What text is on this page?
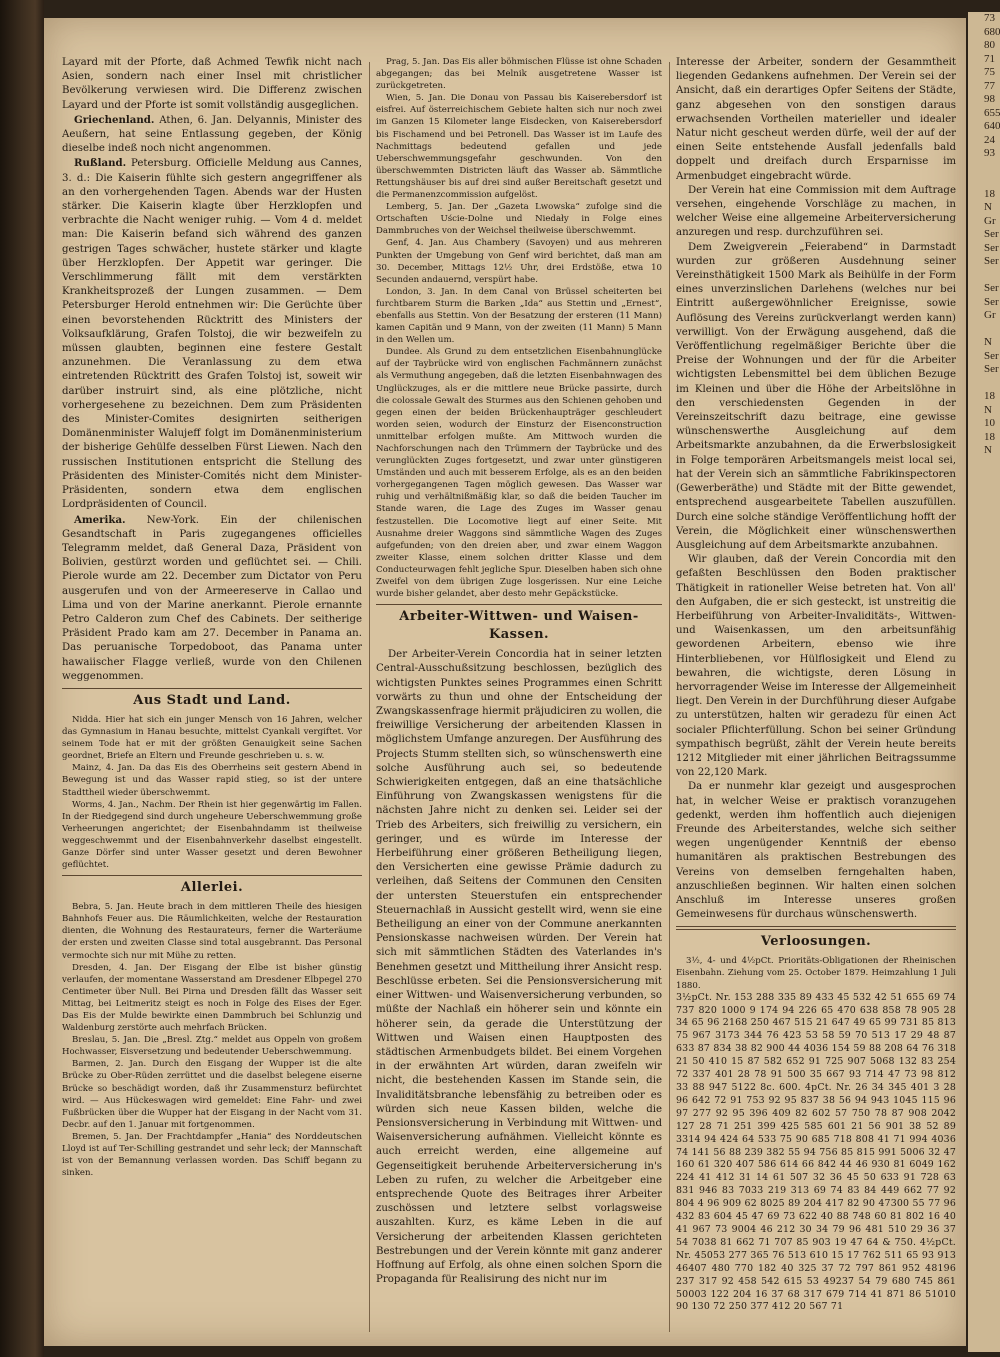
Layard mit der Pforte, daß Achmed Tewfik nicht nach Asien, sondern nach einer Insel mit christlicher Bevölkerung verwiesen wird. Die Differenz zwischen Layard und der Pforte ist somit vollständig ausgeglichen.

Griechenland. Athen, 6. Jan. Delyannis, Minister des Aeußern, hat seine Entlassung gegeben, der König dieselbe indeß noch nicht angenommen.

Rußland. Petersburg. Officielle Meldung aus Cannes, 3. d.: Die Kaiserin fühlte sich gestern angegriffener als an den vorhergehenden Tagen. Abends war der Husten stärker. Die Kaiserin klagte über Herzklopfen und verbrachte die Nacht weniger ruhig. — Vom 4 d. meldet man: Die Kaiserin befand sich während des ganzen gestrigen Tages schwächer, hustete stärker und klagte über Herzklopfen. Der Appetit war geringer. Die Verschlimmerung fällt mit dem verstärkten Krankheitsprozeß der Lungen zusammen. — Dem Petersburger Herold entnehmen wir: Die Gerüchte über einen bevorstehenden Rücktritt des Ministers der Volksaufklärung, Grafen Tolstoj, die wir bezweifeln zu müssen glaubten, beginnen eine festere Gestalt anzunehmen. Die Veranlassung zu dem etwa eintretenden Rücktritt des Grafen Tolstoj ist, soweit wir darüber instruirt sind, als eine plötzliche, nicht vorhergesehene zu bezeichnen. Dem zum Präsidenten des Minister-Comites designirten seitherigen Domänenminister Walujeff folgt im Domänenministerium der bisherige Gehülfe desselben Fürst Liewen. Nach den russischen Institutionen entspricht die Stellung des Präsidenten des Minister-Comités nicht dem Minister-Präsidenten, sondern etwa dem englischen Lordpräsidenten of Council.

Amerika. New-York. Ein der chilenischen Gesandtschaft in Paris zugegangenes officielles Telegramm meldet, daß General Daza, Präsident von Bolivien, gestürzt worden und geflüchtet sei. — Chili. Pierole wurde am 22. December zum Dictator von Peru ausgerufen und von der Armeereserve in Callao und Lima und von der Marine anerkannt. Pierole ernannte Petro Calderon zum Chef des Cabinets. Der seitherige Präsident Prado kam am 27. December in Panama an. Das peruanische Torpedoboot, das Panama unter hawaiischer Flagge verließ, wurde von den Chilenen weggenommen.

Aus Stadt und Land.

Nidda. Hier hat sich ein junger Mensch von 16 Jahren, welcher das Gymnasium in Hanau besuchte, mittelst Cyankali vergiftet. Vor seinem Tode hat er mit der größten Genauigkeit seine Sachen geordnet, Briefe an Eltern und Freunde geschrieben u. s. w.

Mainz, 4. Jan. Da das Eis des Oberrheins seit gestern Abend in Bewegung ist und das Wasser rapid stieg, so ist der untere Stadttheil wieder überschwemmt.

Worms, 4. Jan., Nachm. Der Rhein ist hier gegenwärtig im Fallen. In der Riedgegend sind durch ungeheure Ueberschwemmung große Verheerungen angerichtet; der Eisenbahndamm ist theilweise weggeschwemmt und der Eisenbahnverkehr daselbst eingestellt. Ganze Dörfer sind unter Wasser gesetzt und deren Bewohner geflüchtet.

Allerlei.

Bebra, 5. Jan. Heute brach in dem mittleren Theile des hiesigen Bahnhofs Feuer aus. Die Räumlichkeiten, welche der Restauration dienten, die Wohnung des Restaurateurs, ferner die Warteräume der ersten und zweiten Classe sind total ausgebrannt. Das Personal vermochte sich nur mit Mühe zu retten.

Dresden, 4. Jan. Der Eisgang der Elbe ist bisher günstig verlaufen, der momentane Wasserstand am Dresdener Elbpegel 270 Centimeter über Null. Bei Pirna und Dresden fällt das Wasser seit Mittag, bei Leitmeritz steigt es noch in Folge des Eises der Eger. Das Eis der Mulde bewirkte einen Dammbruch bei Schlunzig und Waldenburg zerstörte auch mehrfach Brücken.

Breslau, 5. Jan. Die „Bresl. Ztg.“ meldet aus Oppeln von großem Hochwasser, Eisversetzung und bedeutender Ueberschwemmung.

Barmen, 2. Jan. Durch den Eisgang der Wupper ist die alte Brücke zu Ober-Rüden zerrüttet und die daselbst belegene eiserne Brücke so beschädigt worden, daß ihr Zusammensturz befürchtet wird. — Aus Hückeswagen wird gemeldet: Eine Fahr- und zwei Fußbrücken über die Wupper hat der Eisgang in der Nacht vom 31. Decbr. auf den 1. Januar mit fortgenommen.

Bremen, 5. Jan. Der Frachtdampfer „Hania“ des Norddeutschen Lloyd ist auf Ter-Schilling gestrandet und sehr leck; der Mannschaft ist von der Bemannung verlassen worden. Das Schiff begann zu sinken.

Prag, 5. Jan. Das Eis aller böhmischen Flüsse ist ohne Schaden abgegangen; das bei Melnik ausgetretene Wasser ist zurückgetreten.

Wien, 5. Jan. Die Donau von Passau bis Kaiserebersdorf ist eisfrei. Auf österreichischem Gebiete halten sich nur noch zwei im Ganzen 15 Kilometer lange Eisdecken, von Kaiserebersdorf bis Fischamend und bei Petronell. Das Wasser ist im Laufe des Nachmittags bedeutend gefallen und jede Ueberschwemmungsgefahr geschwunden. Von den überschwemmten Districten läuft das Wasser ab. Sämmtliche Rettungshäuser bis auf drei sind außer Bereitschaft gesetzt und die Permanenzcommission aufgelöst.

Lemberg, 5. Jan. Der „Gazeta Lwowska“ zufolge sind die Ortschaften Uście-Dolne und Niedały in Folge eines Dammbruches von der Weichsel theilweise überschwemmt.

Genf, 4. Jan. Aus Chambery (Savoyen) und aus mehreren Punkten der Umgebung von Genf wird berichtet, daß man am 30. December, Mittags 12½ Uhr, drei Erdstöße, etwa 10 Secunden andauernd, verspürt habe.

London, 3. Jan. In dem Canal von Brüssel scheiterten bei furchtbarem Sturm die Barken „Ida“ aus Stettin und „Ernest“, ebenfalls aus Stettin. Von der Besatzung der ersteren (11 Mann) kamen Capitän und 9 Mann, von der zweiten (11 Mann) 5 Mann in den Wellen um.

Dundee. Als Grund zu dem entsetzlichen Eisenbahnunglücke auf der Taybrücke wird von englischen Fachmännern zunächst als Vermuthung angegeben, daß die letzten Eisenbahnwagen des Unglückzuges, als er die mittlere neue Brücke passirte, durch die colossale Gewalt des Sturmes aus den Schienen gehoben und gegen einen der beiden Brückenhaupträger geschleudert worden seien, wodurch der Einsturz der Eisenconstruction unmittelbar erfolgen mußte. Am Mittwoch wurden die Nachforschungen nach den Trümmern der Taybrücke und des verunglückten Zuges fortgesetzt, und zwar unter günstigeren Umständen und auch mit besserem Erfolge, als es an den beiden vorhergegangenen Tagen möglich gewesen. Das Wasser war ruhig und verhältnißmäßig klar, so daß die beiden Taucher im Stande waren, die Lage des Zuges im Wasser genau festzustellen. Die Locomotive liegt auf einer Seite. Mit Ausnahme dreier Waggons sind sämmtliche Wagen des Zuges aufgefunden; von den dreien aber, und zwar einem Waggon zweiter Klasse, einem solchen dritter Klasse und dem Conducteurwagen fehlt jegliche Spur. Dieselben haben sich ohne Zweifel von dem übrigen Zuge losgerissen. Nur eine Leiche wurde bisher gelandet, aber desto mehr Gepäckstücke.

Arbeiter-Wittwen- und Waisen-Kassen.

Der Arbeiter-Verein Concordia hat in seiner letzten Central-Ausschußsitzung beschlossen, bezüglich des wichtigsten Punktes seines Programmes einen Schritt vorwärts zu thun und ohne der Entscheidung der Zwangskassenfrage hiermit präjudiciren zu wollen, die freiwillige Versicherung der arbeitenden Klassen in möglichstem Umfange anzuregen. Der Ausführung des Projects Stumm stellten sich, so wünschenswerth eine solche Ausführung auch sei, so bedeutende Schwierigkeiten entgegen, daß an eine thatsächliche Einführung von Zwangskassen wenigstens für die nächsten Jahre nicht zu denken sei. Leider sei der Trieb des Arbeiters, sich freiwillig zu versichern, ein geringer, und es würde im Interesse der Herbeiführung einer größeren Betheiligung liegen, den Versicherten eine gewisse Prämie dadurch zu verleihen, daß Seitens der Communen den Censiten der untersten Steuerstufen ein entsprechender Steuernachlaß in Aussicht gestellt wird, wenn sie eine Betheiligung an einer von der Commune anerkannten Pensionskasse nachweisen würden. Der Verein hat sich mit sämmtlichen Städten des Vaterlandes in's Benehmen gesetzt und Mittheilung ihrer Ansicht resp. Beschlüsse erbeten. Sei die Pensionsversicherung mit einer Wittwen- und Waisenversicherung verbunden, so müßte der Nachlaß ein höherer sein und könnte ein höherer sein, da gerade die Unterstützung der Wittwen und Waisen einen Hauptposten des städtischen Armenbudgets bildet. Bei einem Vorgehen in der erwähnten Art würden, daran zweifeln wir nicht, die bestehenden Kassen im Stande sein, die Invaliditätsbranche lebensfähig zu betreiben oder es würden sich neue Kassen bilden, welche die Pensionsversicherung in Verbindung mit Wittwen- und Waisenversicherung aufnähmen. Vielleicht könnte es auch erreicht werden, eine allgemeine auf Gegenseitigkeit beruhende Arbeiterversicherung in's Leben zu rufen, zu welcher die Arbeitgeber eine entsprechende Quote des Beitrages ihrer Arbeiter zuschössen und letztere selbst vorlagsweise auszahlten. Kurz, es käme Leben in die auf Versicherung der arbeitenden Klassen gerichteten Bestrebungen und der Verein könnte mit ganz anderer Hoffnung auf Erfolg, als ohne einen solchen Sporn die Propaganda für Realisirung des nicht nur im

Interesse der Arbeiter, sondern der Gesammtheit liegenden Gedankens aufnehmen. Der Verein sei der Ansicht, daß ein derartiges Opfer Seitens der Städte, ganz abgesehen von den sonstigen daraus erwachsenden Vortheilen materieller und idealer Natur nicht gescheut werden dürfe, weil der auf der einen Seite entstehende Ausfall jedenfalls bald doppelt und dreifach durch Ersparnisse im Armenbudget eingebracht würde.

Der Verein hat eine Commission mit dem Auftrage versehen, eingehende Vorschläge zu machen, in welcher Weise eine allgemeine Arbeiterversicherung anzuregen und resp. durchzuführen sei.

Dem Zweigverein „Feierabend“ in Darmstadt wurden zur größeren Ausdehnung seiner Vereinsthätigkeit 1500 Mark als Beihülfe in der Form eines unverzinslichen Darlehens (welches nur bei Eintritt außergewöhnlicher Ereignisse, sowie Auflösung des Vereins zurückverlangt werden kann) verwilligt. Von der Erwägung ausgehend, daß die Veröffentlichung regelmäßiger Berichte über die Preise der Wohnungen und der für die Arbeiter wichtigsten Lebensmittel bei dem üblichen Bezuge im Kleinen und über die Höhe der Arbeitslöhne in den verschiedensten Gegenden in der Vereinszeitschrift dazu beitrage, eine gewisse wünschenswerthe Ausgleichung auf dem Arbeitsmarkte anzubahnen, da die Erwerbslosigkeit in Folge temporären Arbeitsmangels meist local sei, hat der Verein sich an sämmtliche Fabrikinspectoren (Gewerberäthe) und Städte mit der Bitte gewendet, entsprechend ausgearbeitete Tabellen auszufüllen. Durch eine solche ständige Veröffentlichung hofft der Verein, die Möglichkeit einer wünschenswerthen Ausgleichung auf dem Arbeitsmarkte anzubahnen.

Wir glauben, daß der Verein Concordia mit den gefaßten Beschlüssen den Boden praktischer Thätigkeit in rationeller Weise betreten hat. Von all' den Aufgaben, die er sich gesteckt, ist unstreitig die Herbeiführung von Arbeiter-Invaliditäts-, Wittwen- und Waisenkassen, um den arbeitsunfähig gewordenen Arbeitern, ebenso wie ihre Hinterbliebenen, vor Hülflosigkeit und Elend zu bewahren, die wichtigste, deren Lösung in hervorragender Weise im Interesse der Allgemeinheit liegt. Den Verein in der Durchführung dieser Aufgabe zu unterstützen, halten wir geradezu für einen Act socialer Pflichterfüllung. Schon bei seiner Gründung sympathisch begrüßt, zählt der Verein heute bereits 1212 Mitglieder mit einer jährlichen Beitragssumme von 22,120 Mark.

Da er nunmehr klar gezeigt und ausgesprochen hat, in welcher Weise er praktisch voranzugehen gedenkt, werden ihm hoffentlich auch diejenigen Freunde des Arbeiterstandes, welche sich seither wegen ungenügender Kenntniß der ebenso humanitären als praktischen Bestrebungen des Vereins von demselben ferngehalten haben, anzuschließen beginnen. Wir halten einen solchen Anschluß im Interesse unseres großen Gemeinwesens für durchaus wünschenswerth.

Verloosungen.

3½, 4- und 4½pCt. Prioritäts-Obligationen der Rheinischen Eisenbahn. Ziehung vom 25. October 1879. Heimzahlung 1 Juli 1880.

3½pCt. Nr. 153 288 335 89 433 45 532 42 51 655 69 74 737 820 1000 9 174 94 226 65 470 638 858 78 905 28 34 65 96 2168 250 467 515 21 647 49 65 99 731 85 813 75 967 3173 344 76 423 53 58 59 70 513 17 29 48 87 633 87 834 38 82 900 44 4036 154 59 88 208 64 76 318 21 50 410 15 87 582 652 91 725 907 5068 132 83 254 72 337 401 28 78 91 500 35 667 93 714 47 73 98 812 33 88 947 5122 8c. 600. 4pCt. Nr. 26 34 345 401 3 28 96 642 72 91 753 92 95 837 38 56 94 943 1045 115 96 97 277 92 95 396 409 82 602 57 750 78 87 908 2042 127 28 71 251 399 425 585 601 21 56 901 38 52 89 3314 94 424 64 533 75 90 685 718 808 41 71 994 4036 74 141 56 88 239 382 55 94 756 85 815 991 5006 32 47 160 61 320 407 586 614 66 842 44 46 930 81 6049 162 224 41 412 31 14 61 507 32 36 45 50 633 91 728 63 831 946 83 7033 219 313 69 74 83 84 449 662 77 92 804 4 96 909 62 8025 89 204 417 82 90 47300 55 77 96 432 83 604 45 47 69 73 622 40 88 748 60 81 802 16 40 41 967 73 9004 46 212 30 34 79 96 481 510 29 36 37 54 7038 81 662 71 707 85 903 19 47 64 & 750. 4½pCt. Nr. 45053 277 365 76 513 610 15 17 762 511 65 93 913 46407 480 770 182 40 325 37 72 797 861 952 48196 237 317 92 458 542 615 53 49237 54 79 680 745 861 50003 122 204 16 37 68 317 679 714 41 871 86 51010 90 130 72 250 377 412 20 567 71

73
680
80
71
75
77
98
655
640
24
93

18
N
Gr
Ser
Ser
Ser

Ser
Ser
Gr

N
Ser
Ser

18
N
10
18
N
